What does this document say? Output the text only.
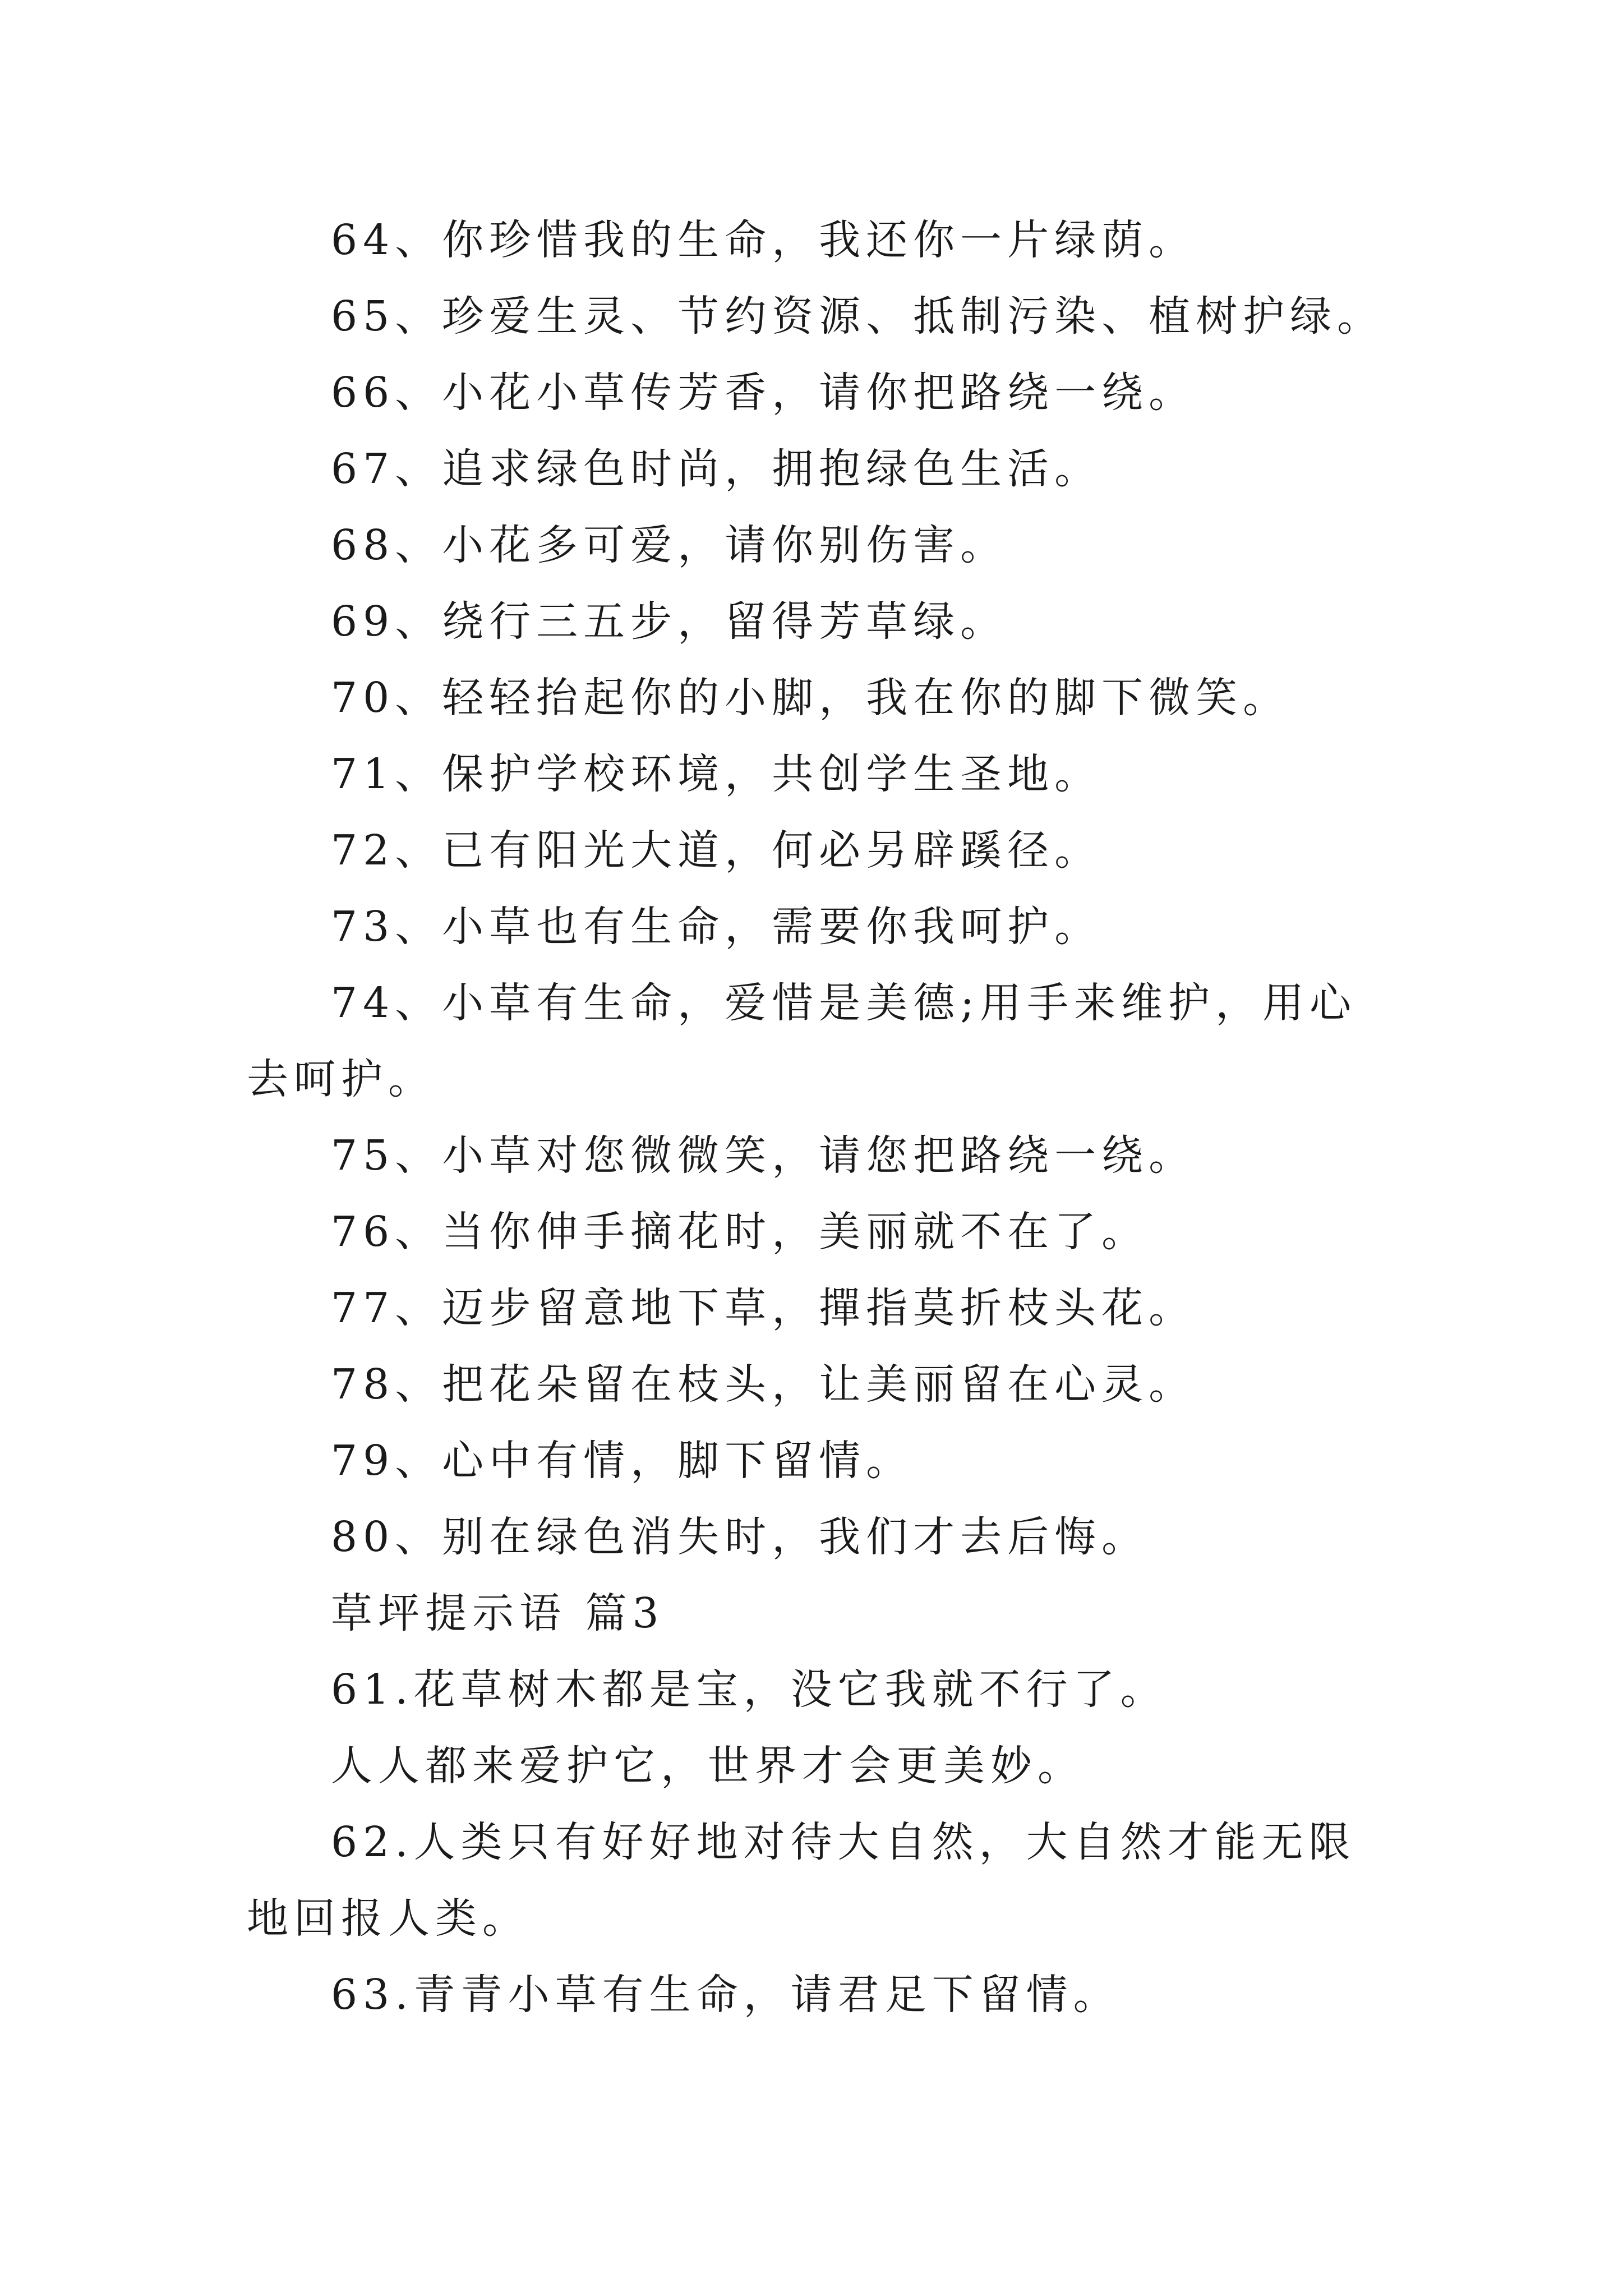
64、你珍惜我的生命，我还你一片绿荫。

65、珍爱生灵、节约资源、抵制污染、植树护绿。

66、小花小草传芳香，请你把路绕一绕。

67、追求绿色时尚，拥抱绿色生活。

68、小花多可爱，请你别伤害。

69、绕行三五步，留得芳草绿。

70、轻轻抬起你的小脚，我在你的脚下微笑。

71、保护学校环境，共创学生圣地。

72、已有阳光大道，何必另辟蹊径。

73、小草也有生命，需要你我呵护。

74、小草有生命，爱惜是美德;用手来维护，用心去呵护。

75、小草对您微微笑，请您把路绕一绕。

76、当你伸手摘花时，美丽就不在了。

77、迈步留意地下草，撣指莫折枝头花。

78、把花朵留在枝头，让美丽留在心灵。

79、心中有情，脚下留情。

80、别在绿色消失时，我们才去后悔。

草坪提示语 篇3

61.花草树木都是宝，没它我就不行了。

人人都来爱护它，世界才会更美妙。

62.人类只有好好地对待大自然，大自然才能无限地回报人类。

63.青青小草有生命，请君足下留情。
